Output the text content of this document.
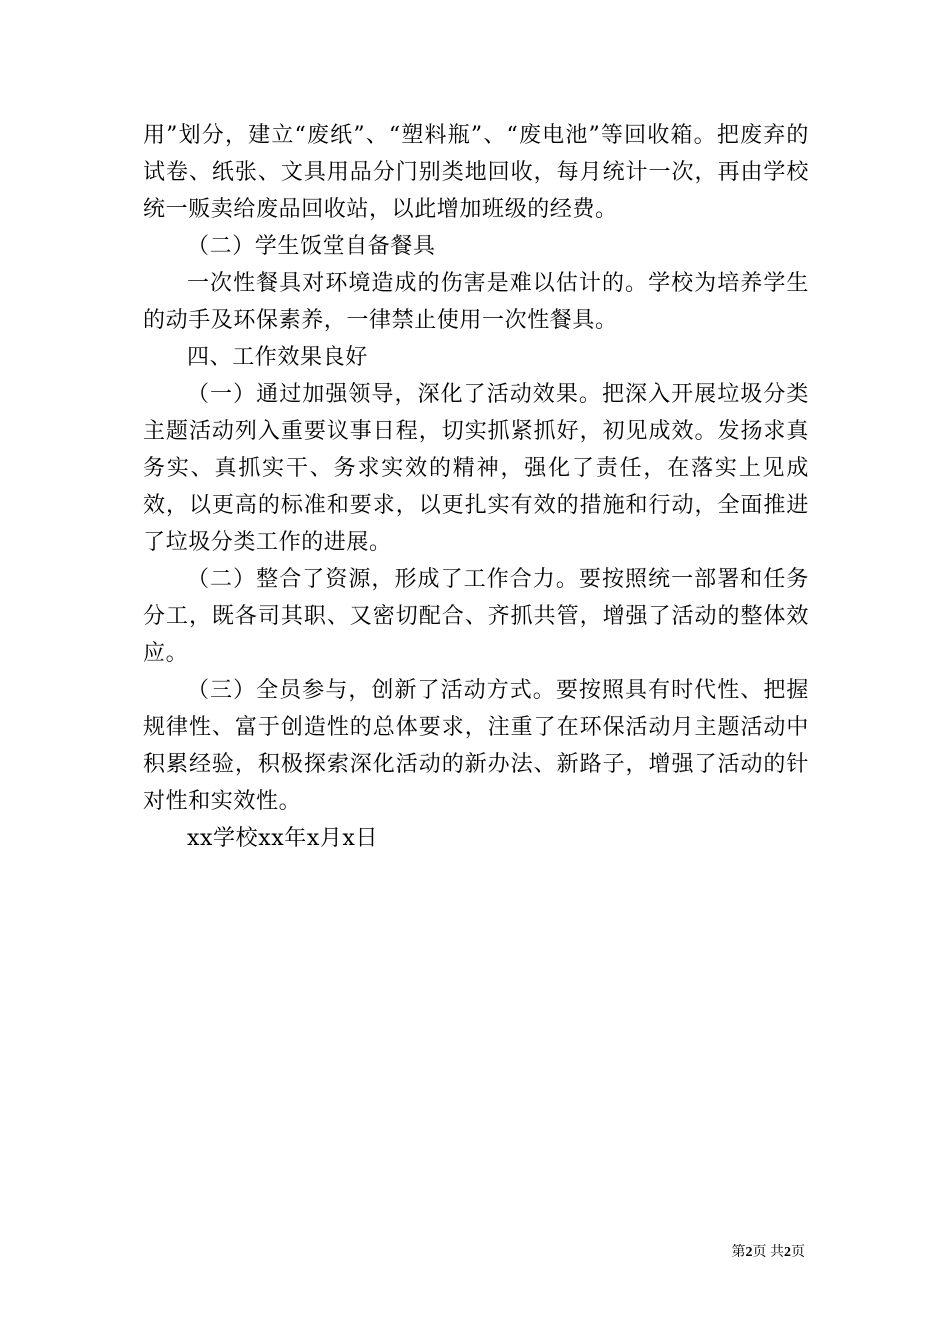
用”划分，建立“废纸”、“塑料瓶”、“废电池”等回收箱。把废弃的试卷、纸张、文具用品分门别类地回收，每月统计一次，再由学校统一贩卖给废品回收站，以此增加班级的经费。

（二）学生饭堂自备餐具

一次性餐具对环境造成的伤害是难以估计的。学校为培养学生的动手及环保素养，一律禁止使用一次性餐具。

四、工作效果良好

（一）通过加强领导，深化了活动效果。把深入开展垃圾分类主题活动列入重要议事日程，切实抓紧抓好，初见成效。发扬求真务实、真抓实干、务求实效的精神，强化了责任，在落实上见成效，以更高的标准和要求，以更扎实有效的措施和行动，全面推进了垃圾分类工作的进展。

（二）整合了资源，形成了工作合力。要按照统一部署和任务分工，既各司其职、又密切配合、齐抓共管，增强了活动的整体效应。

（三）全员参与，创新了活动方式。要按照具有时代性、把握规律性、富于创造性的总体要求，注重了在环保活动月主题活动中积累经验，积极探索深化活动的新办法、新路子，增强了活动的针对性和实效性。

xx学校xx年x月x日

第2页 共2页
